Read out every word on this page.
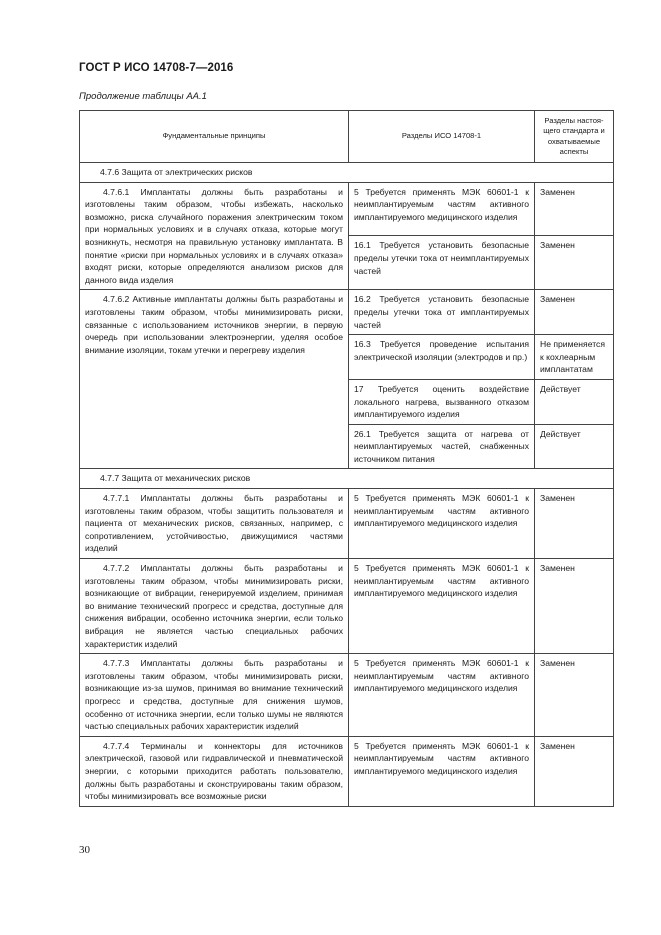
ГОСТ Р ИСО 14708-7—2016
Продолжение таблицы AA.1
Фундаментальные принципы	Разделы ИСО 14708-1	Разделы настоя-щего стандарта и охватываемые аспекты
4.7.6 Защита от электрических рисков		
4.7.6.1 Имплантаты должны быть разработаны и изготовлены таким образом, чтобы избежать, насколько возможно, риска случайного поражения электрическим током при нормальных условиях и в случаях отказа, которые могут возникнуть, несмотря на правильную установку имплантата. В понятие «риски при нормальных условиях и в случаях отказа» входят риски, которые определяются анализом рисков для данного вида изделия	5 Требуется применять МЭК 60601-1 к неимплантируемым частям активного имплантируемого медицинского изделия	Заменен
	16.1 Требуется установить безопасные пределы утечки тока от неимплантируемых частей	Заменен
4.7.6.2 Активные имплантаты должны быть разработаны и изготовлены таким образом, чтобы минимизировать риски, связанные с использованием источников энергии, в первую очередь при использовании электроэнергии, уделяя особое внимание изоляции, токам утечки и перегреву изделия	16.2 Требуется установить безопасные пределы утечки тока от имплантируемых частей	Заменен
	16.3 Требуется проведение испытания электрической изоляции (электродов и пр.)	Не применяется к кохлеарным имплантатам
	17 Требуется оценить воздействие локального нагрева, вызванного отказом имплантируемого изделия	Действует
	26.1 Требуется защита от нагрева от неимплантируемых частей, снабженных источником питания	Действует
4.7.7 Защита от механических рисков		
4.7.7.1 Имплантаты должны быть разработаны и изготовлены таким образом, чтобы защитить пользователя и пациента от механических рисков, связанных, например, с сопротивлением, устойчивостью, движущимися частями изделий	5 Требуется применять МЭК 60601-1 к неимплантируемым частям активного имплантируемого медицинского изделия	Заменен
4.7.7.2 Имплантаты должны быть разработаны и изготовлены таким образом, чтобы минимизировать риски, возникающие от вибрации, генерируемой изделием, принимая во внимание технический прогресс и средства, доступные для снижения вибрации, особенно источника энергии, если только вибрация не является частью специальных рабочих характеристик изделий	5 Требуется применять МЭК 60601-1 к неимплантируемым частям активного имплантируемого медицинского изделия	Заменен
4.7.7.3 Имплантаты должны быть разработаны и изготовлены таким образом, чтобы минимизировать риски, возникающие из-за шумов, принимая во внимание технический прогресс и средства, доступные для снижения шумов, особенно от источника энергии, если только шумы не являются частью специальных рабочих характеристик изделий	5 Требуется применять МЭК 60601-1 к неимплантируемым частям активного имплантируемого медицинского изделия	Заменен
4.7.7.4 Терминалы и коннекторы для источников электрической, газовой или гидравлической и пневматической энергии, с которыми приходится работать пользователю, должны быть разработаны и сконструированы таким образом, чтобы минимизировать все возможные риски	5 Требуется применять МЭК 60601-1 к неимплантируемым частям активного имплантируемого медицинского изделия	Заменен
30
